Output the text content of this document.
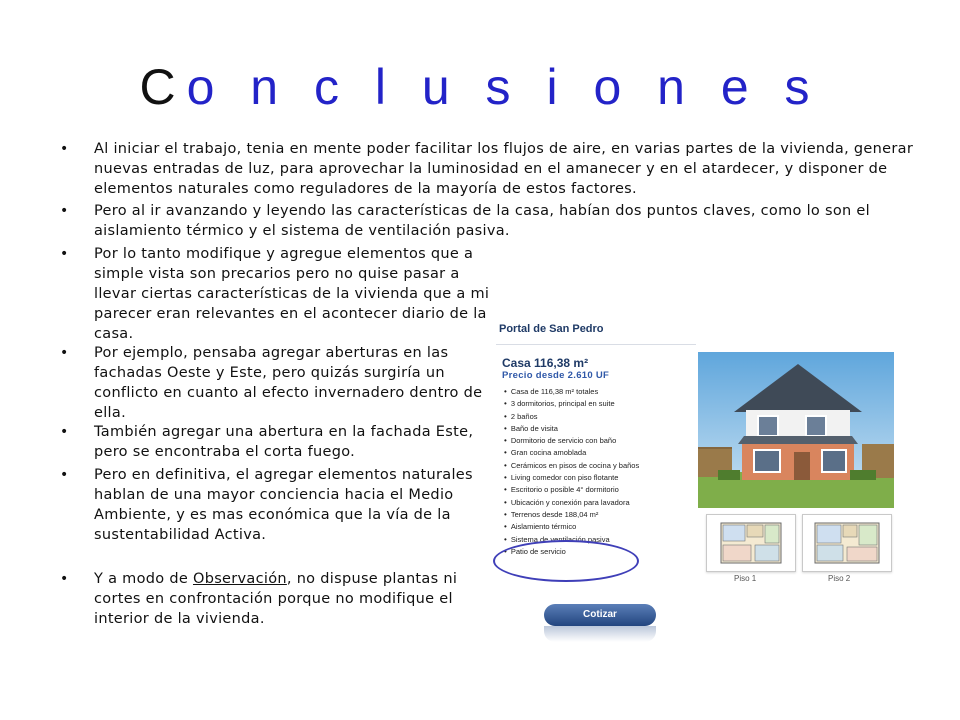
Co n c l u s i o n e s
• Al iniciar el trabajo, tenia en mente poder facilitar los flujos de aire, en varias partes de la vivienda, generar nuevas entradas de luz, para aprovechar la luminosidad en el amanecer y en el atardecer, y disponer de elementos naturales como reguladores de la mayoría de estos factores.
• Pero al ir avanzando y leyendo las características de la casa, habían dos puntos claves, como lo son el aislamiento térmico y el sistema de ventilación pasiva.
• Por lo tanto modifique y agregue elementos que a simple vista son precarios pero no quise pasar a llevar ciertas características de la vivienda que a mi parecer eran relevantes en el acontecer diario de la casa.
• Por ejemplo, pensaba agregar aberturas en las fachadas Oeste y Este, pero quizás surgiría un conflicto en cuanto al efecto invernadero dentro de ella.
• También agregar una abertura en la fachada Este, pero se encontraba el corta fuego.
• Pero en definitiva, el agregar elementos naturales hablan de una mayor conciencia hacia el Medio Ambiente, y es mas económica que la vía de la sustentabilidad Activa.
• Y a modo de Observación, no dispuse plantas ni cortes en confrontación porque no modifique el interior de la vivienda.
Portal de San Pedro
Casa 116,38 m²
Precio desde 2.610 UF
• Casa de 116,38 m² totales
• 3 dormitorios, principal en suite
• 2 baños
• Baño de visita
• Dormitorio de servicio con baño
• Gran cocina amoblada
• Cerámicos en pisos de cocina y baños
• Living comedor con piso flotante
• Escritorio o posible 4° dormitorio
• Ubicación y conexión para lavadora
• Terrenos desde 188,04 m²
• Aislamiento térmico
• Sistema de ventilación pasiva
• Patio de servicio
Piso 1	Piso 2
Cotizar
